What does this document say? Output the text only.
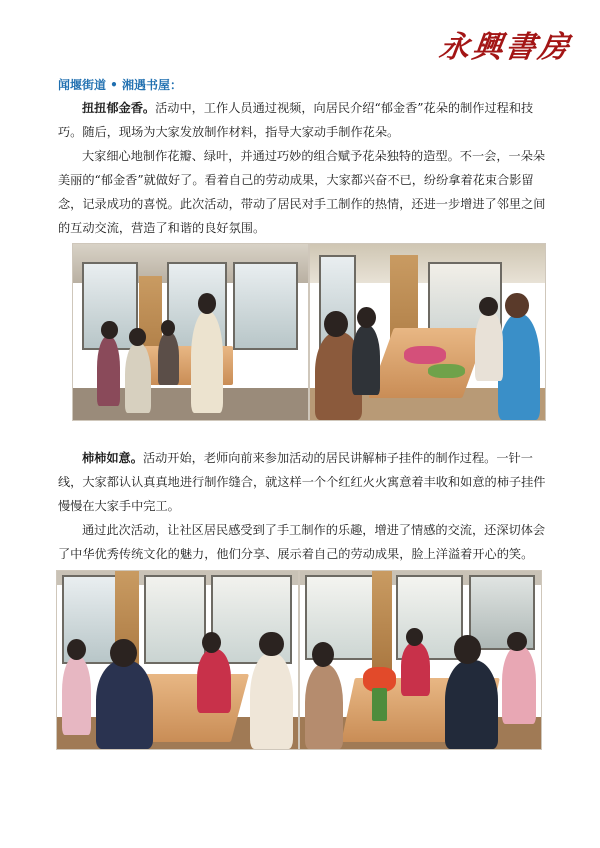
永興書房
闻堰街道 • 湘遇书屋：

扭扭郁金香。活动中，工作人员通过视频，向居民介绍“郁金香”花朵的制作过程和技巧。随后，现场为大家发放制作材料，指导大家动手制作花朵。

大家细心地制作花瓣、绿叶，并通过巧妙的组合赋予花朵独特的造型。不一会，一朵朵美丽的“郁金香”就做好了。看着自己的劳动成果，大家都兴奋不已，纷纷拿着花束合影留念，记录成功的喜悦。此次活动，带动了居民对手工制作的热情，还进一步增进了邻里之间的互动交流，营造了和谐的良好氛围。

柿柿如意。活动开始，老师向前来参加活动的居民讲解柿子挂件的制作过程。一针一线，大家都认认真真地进行制作缝合，就这样一个个红红火火寓意着丰收和如意的柿子挂件慢慢在大家手中完工。

通过此次活动，让社区居民感受到了手工制作的乐趣，增进了情感的交流，还深切体会了中华优秀传统文化的魅力，他们分享、展示着自己的劳动成果，脸上洋溢着开心的笑。
